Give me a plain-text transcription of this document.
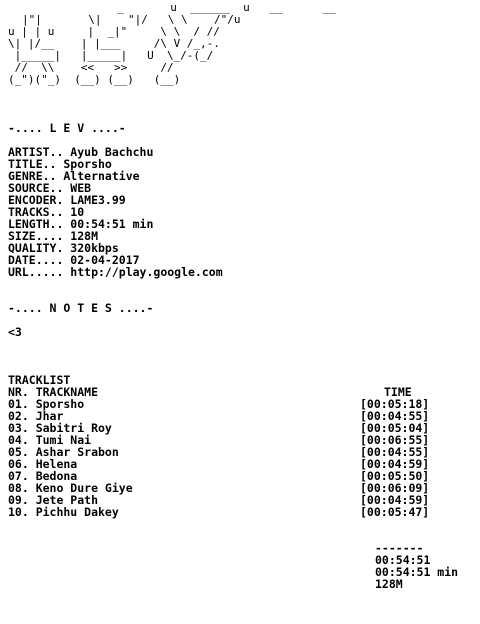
_       u  ______  u   __      __
|"|       \|    "|/   \ \    /"/u
u | | u     |  _|"     \ \  / //
\| |/__    | |___     /\ V /_,-.
|_____|   |_____|   U  \_/-(_/
//  \\    <<   >>     //
(_")("_)  (__) (__)   (__)
-.... L E V ....-
ARTIST.. Ayub Bachchu
TITLE.. Sporsho
GENRE.. Alternative
SOURCE.. WEB
ENCODER. LAME3.99
TRACKS.. 10
LENGTH.. 00:54:51 min
SIZE.... 128M
QUALITY. 320kbps
DATE.... 02-04-2017
URL..... http://play.google.com
-.... N O T E S ....-
<3
TRACKLIST
NR. TRACKNAME	TIME
01. Sporsho	[00:05:18]
02. Jhar	[00:04:55]
03. Sabitri Roy	[00:05:04]
04. Tumi Nai	[00:06:55]
05. Ashar Srabon	[00:04:55]
06. Helena	[00:04:59]
07. Bedona	[00:05:50]
08. Keno Dure Giye	[00:06:09]
09. Jete Path	[00:04:59]
10. Pichhu Dakey	[00:05:47]
-------
00:54:51
00:54:51 min
128M
